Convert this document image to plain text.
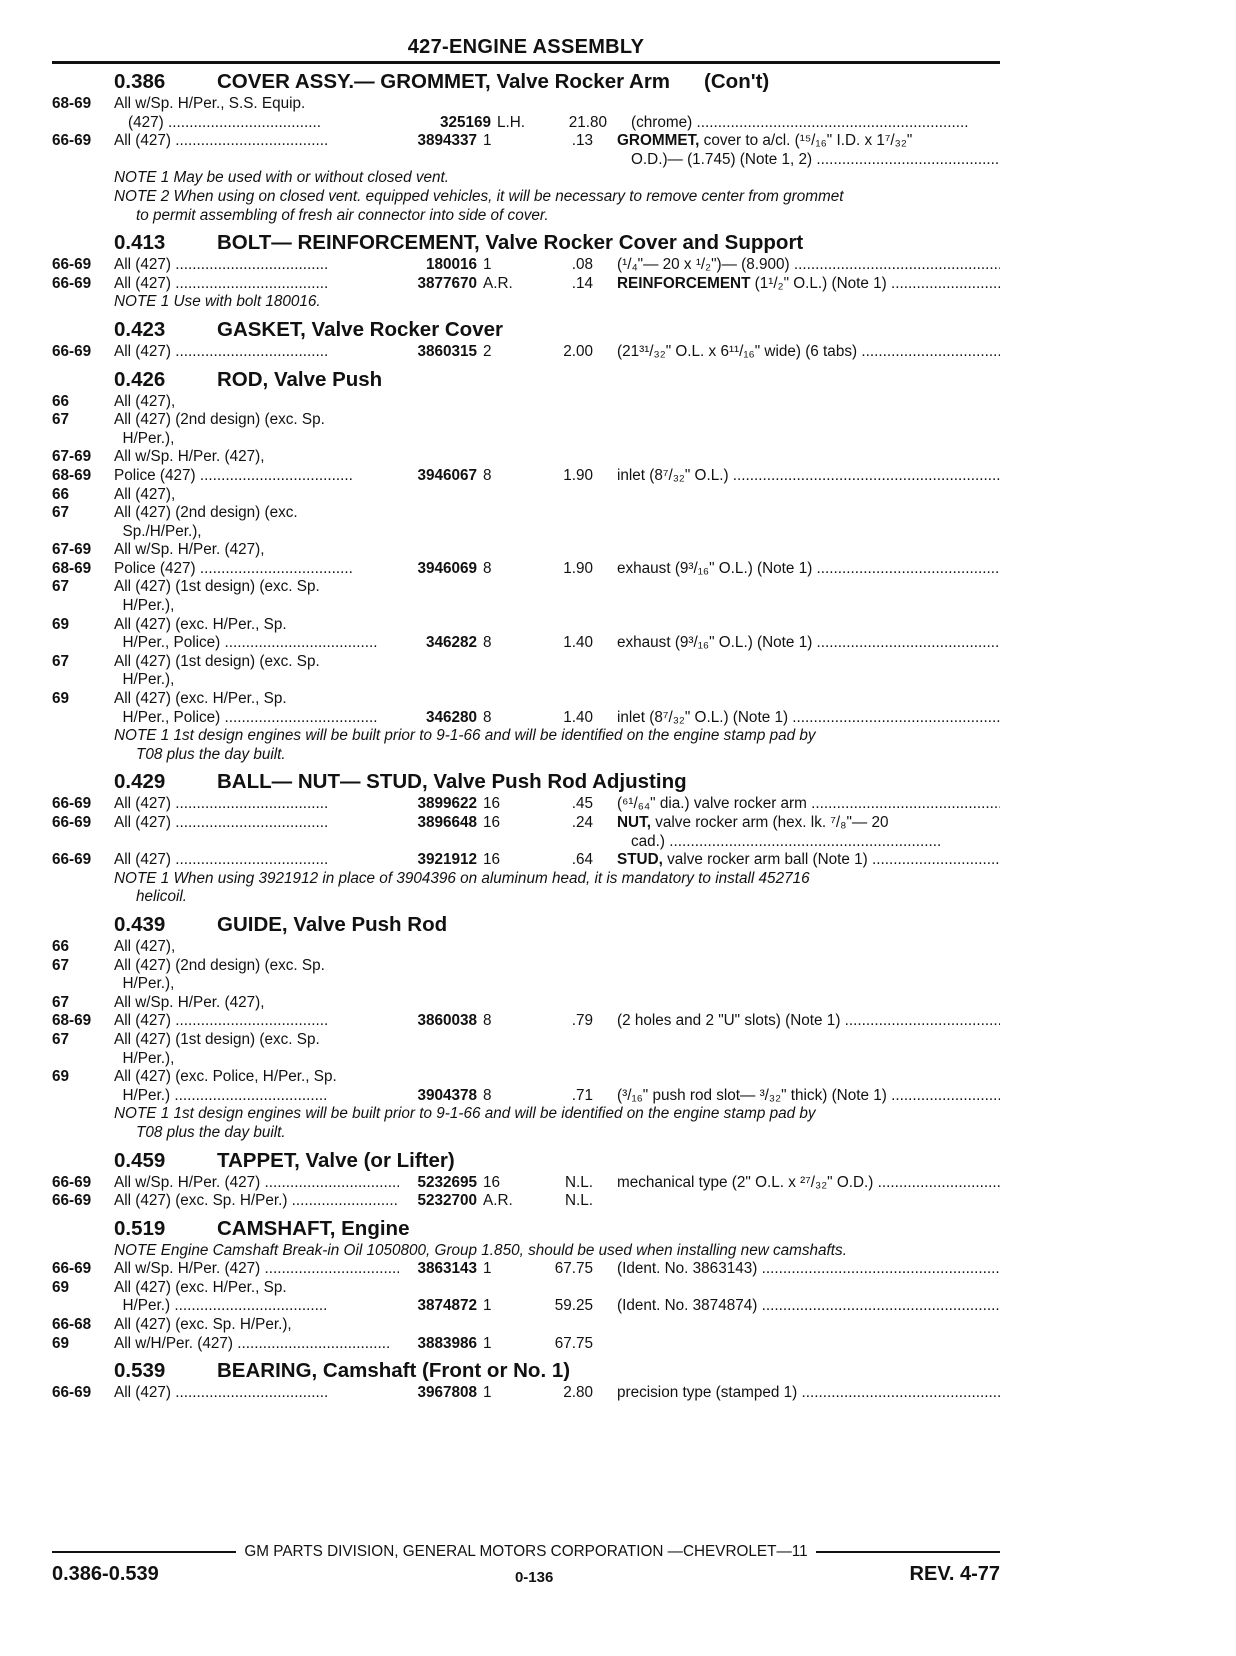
427-ENGINE ASSEMBLY
0.386	COVER ASSY.— GROMMET, Valve Rocker Arm (Con't)
68-69	All w/Sp. H/Per., S.S. Equip.
(427) .....	325169 L.H.	21.80	(chrome) .....
66-69	All (427) .....	3894337 1	.13	GROMMET, cover to a/cl. (¹⁵/₁₆" I.D. x 1⁷/₃₂"
O.D.)— (1.745) (Note 1, 2) .....
NOTE 1 May be used with or without closed vent.
NOTE 2 When using on closed vent. equipped vehicles, it will be necessary to remove center from grommet
to permit assembling of fresh air connector into side of cover.
0.413	BOLT— REINFORCEMENT, Valve Rocker Cover and Support
66-69	All (427) .....	180016 1	.08	(¹/₄"— 20 x ¹/₂")— (8.900) .....
66-69	All (427) .....	3877670 A.R.	.14	REINFORCEMENT (1¹/₂" O.L.) (Note 1) .....
NOTE 1 Use with bolt 180016.
0.423	GASKET, Valve Rocker Cover
66-69	All (427) .....	3860315 2	2.00	(21³¹/₃₂" O.L. x 6¹¹/₁₆" wide) (6 tabs) .....
0.426	ROD, Valve Push
66	All (427),
67	All (427) (2nd design) (exc. Sp.
H/Per.),
67-69	All w/Sp. H/Per. (427),
68-69	Police (427) .....	3946067 8	1.90	inlet (8⁷/₃₂" O.L.) .....
66	All (427),
67	All (427) (2nd design) (exc.
Sp./H/Per.),
67-69	All w/Sp. H/Per. (427),
68-69	Police (427) .....	3946069 8	1.90	exhaust (9³/₁₆" O.L.) (Note 1) .....
67	All (427) (1st design) (exc. Sp.
H/Per.),
69	All (427) (exc. H/Per., Sp.
H/Per., Police) .....	346282 8	1.40	exhaust (9³/₁₆" O.L.) (Note 1) .....
67	All (427) (1st design) (exc. Sp.
H/Per.),
69	All (427) (exc. H/Per., Sp.
H/Per., Police) .....	346280 8	1.40	inlet (8⁷/₃₂" O.L.) (Note 1) .....
NOTE 1 1st design engines will be built prior to 9-1-66 and will be identified on the engine stamp pad by
T08 plus the day built.
0.429	BALL— NUT— STUD, Valve Push Rod Adjusting
66-69	All (427) .....	3899622 16	.45	(⁶¹/₆₄" dia.) valve rocker arm .....
66-69	All (427) .....	3896648 16	.24	NUT, valve rocker arm (hex. lk. ⁷/₈"— 20
cad.) .....
66-69	All (427) .....	3921912 16	.64	STUD, valve rocker arm ball (Note 1) .....
NOTE 1 When using 3921912 in place of 3904396 on aluminum head, it is mandatory to install 452716
helicoil.
0.439	GUIDE, Valve Push Rod
66	All (427),
67	All (427) (2nd design) (exc. Sp.
H/Per.),
67	All w/Sp. H/Per. (427),
68-69	All (427) .....	3860038 8	.79	(2 holes and 2 "U" slots) (Note 1) .....
67	All (427) (1st design) (exc. Sp.
H/Per.),
69	All (427) (exc. Police, H/Per., Sp.
H/Per.) .....	3904378 8	.71	(³/₁₆" push rod slot— ³/₃₂" thick) (Note 1) .....
NOTE 1 1st design engines will be built prior to 9-1-66 and will be identified on the engine stamp pad by
T08 plus the day built.
0.459	TAPPET, Valve (or Lifter)
66-69	All w/Sp. H/Per. (427) .....	5232695 16	N.L.	mechanical type (2" O.L. x ²⁷/₃₂" O.D.) .....
66-69	All (427) (exc. Sp. H/Per.) .....	5232700 A.R.	N.L.
0.519	CAMSHAFT, Engine
NOTE Engine Camshaft Break-in Oil 1050800, Group 1.850, should be used when installing new camshafts.
66-69	All w/Sp. H/Per. (427) .....	3863143 1	67.75	(Ident. No. 3863143) .....
69	All (427) (exc. H/Per., Sp.
H/Per.) .....	3874872 1	59.25	(Ident. No. 3874874) .....
66-68	All (427) (exc. Sp. H/Per.),
69	All w/H/Per. (427) .....	3883986 1	67.75
0.539	BEARING, Camshaft (Front or No. 1)
66-69	All (427) .....	3967808 1	2.80	precision type (stamped 1) .....
GM PARTS DIVISION, GENERAL MOTORS CORPORATION —CHEVROLET—11
0.386-0.539	0-136	REV. 4-77
